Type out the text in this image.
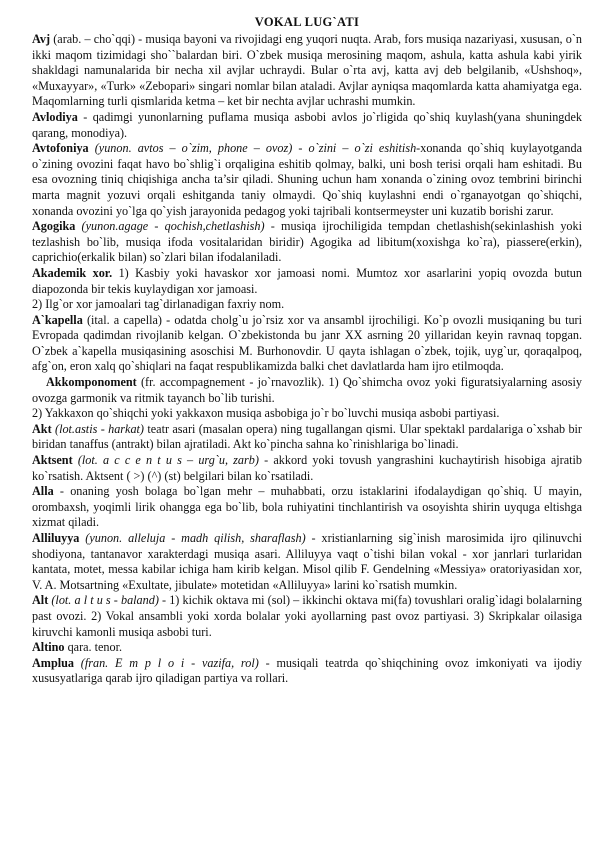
VOKAL LUG`ATI

Avj (arab. – cho`qqi) - musiqa bayoni va rivojidagi eng yuqori nuqta. Arab, fors musiqa nazariyasi, xususan, o`n ikki maqom tizimidagi sho``balardan biri. O`zbek musiqa merosining maqom, ashula, katta ashula kabi yirik shakldagi namunalarida bir necha xil avjlar uchraydi. Bular o`rta avj, katta avj deb belgilanib, «Ushshoq», «Muxayyar», «Turk» «Zebopari» singari nomlar bilan ataladi. Avjlar ayniqsa maqomlarda katta ahamiyatga ega. Maqomlarning turli qismlarida ketma – ket bir nechta avjlar uchrashi mumkin.

Avlodiya - qadimgi yunonlarning puflama musiqa asbobi avlos jo`rligida qo`shiq kuylash(yana shuningdek qarang, monodiya).

Avtofoniya (yunon. avtos – o`zim, phone – ovoz) - o`zini – o`zi eshitish-xonanda qo`shiq kuylayotganda o`zining ovozini faqat havo bo`shlig`i orqaligina eshitib qolmay, balki, uni bosh terisi orqali ham eshitadi. Bu esa ovozning tiniq chiqishiga ancha ta’sir qiladi. Shuning uchun ham xonanda o`zining ovoz tembrini birinchi marta magnit yozuvi orqali eshitganda taniy olmaydi. Qo`shiq kuylashni endi o`rganayotgan qo`shiqchi, xonanda ovozini yo`lga qo`yish jarayonida pedagog yoki tajribali kontsermeyster uni kuzatib borishi zarur.

Agogika (yunon.agage - qochish,chetlashish) - musiqa ijrochiligida tempdan chetlashish(sekinlashish yoki tezlashish bo`lib, musiqa ifoda vositalaridan biridir) Agogika ad libitum(xoxishga ko`ra), piassere(erkin), caprichio(erkalik bilan) so`zlari bilan ifodalaniladi.

Akademik xor. 1) Kasbiy yoki havaskor xor jamoasi nomi. Mumtoz xor asarlarini yopiq ovozda butun diapozonda bir tekis kuylaydigan xor jamoasi.

2) Ilg`or xor jamoalari tag`dirlanadigan faxriy nom.

A`kapella (ital. a capella) - odatda cholg`u jo`rsiz xor va ansambl ijrochiligi. Ko`p ovozli musiqaning bu turi Evropada qadimdan rivojlanib kelgan. O`zbekistonda bu janr XX asrning 20 yillaridan keyin ravnaq topgan. O`zbek a`kapella musiqasining asoschisi M. Burhonovdir. U qayta ishlagan o`zbek, tojik, uyg`ur, qoraqalpoq, afg`on, eron xalq qo`shiqlari na faqat respublikamizda balki chet davlatlarda ham ijro etilmoqda.

Akkomponoment (fr. accompagnement - jo`rnavozlik). 1) Qo`shimcha ovoz yoki figuratsiyalarning asosiy ovozga garmonik va ritmik tayanch bo`lib turishi.

2) Yakkaxon qo`shiqchi yoki yakkaxon musiqa asbobiga jo`r bo`luvchi musiqa asbobi partiyasi.

Akt (lot.astis - harkat) teatr asari (masalan opera) ning tugallangan qismi. Ular spektakl pardalariga o`xshab bir biridan tanaffus (antrakt) bilan ajratiladi. Akt ko`pincha sahna ko`rinishlariga bo`linadi.

Aktsent (lot. a c c e n t u s – urg`u, zarb) - akkord yoki tovush yangrashini kuchaytirish hisobiga ajratib ko`rsatish. Aktsent ( >) (^) (st) belgilari bilan ko`rsatiladi.

Alla - onaning yosh bolaga bo`lgan mehr – muhabbati, orzu istaklarini ifodalaydigan qo`shiq. U mayin, orombaxsh, yoqimli lirik ohangga ega bo`lib, bola ruhiyatini tinchlantirish va osoyishta shirin uyquga eltishga xizmat qiladi.

Alliluyya (yunon. alleluja - madh qilish, sharaflash) - xristianlarning sig`inish marosimida ijro qilinuvchi shodiyona, tantanavor xarakterdagi musiqa asari. Alliluyya vaqt o`tishi bilan vokal - xor janrlari turlaridan kantata, motet, messa kabilar ichiga ham kirib kelgan. Misol qilib F. Gendelning «Messiya» oratoriyasidan xor, V. A. Motsartning «Exultate, jibulate» motetidan «Alliluyya» larini ko`rsatish mumkin.

Alt (lot. a l t u s - baland) - 1) kichik oktava mi (sol) – ikkinchi oktava mi(fa) tovushlari oralig`idagi bolalarning past ovozi. 2) Vokal ansambli yoki xorda bolalar yoki ayollarning past ovoz partiyasi. 3) Skripkalar oilasiga kiruvchi kamonli musiqa asbobi turi.

Altino qara. tenor.

Amplua (fran. E m p l o i - vazifa, rol) - musiqali teatrda qo`shiqchining ovoz imkoniyati va ijodiy xususyatlariga qarab ijro qiladigan partiya va rollari.
